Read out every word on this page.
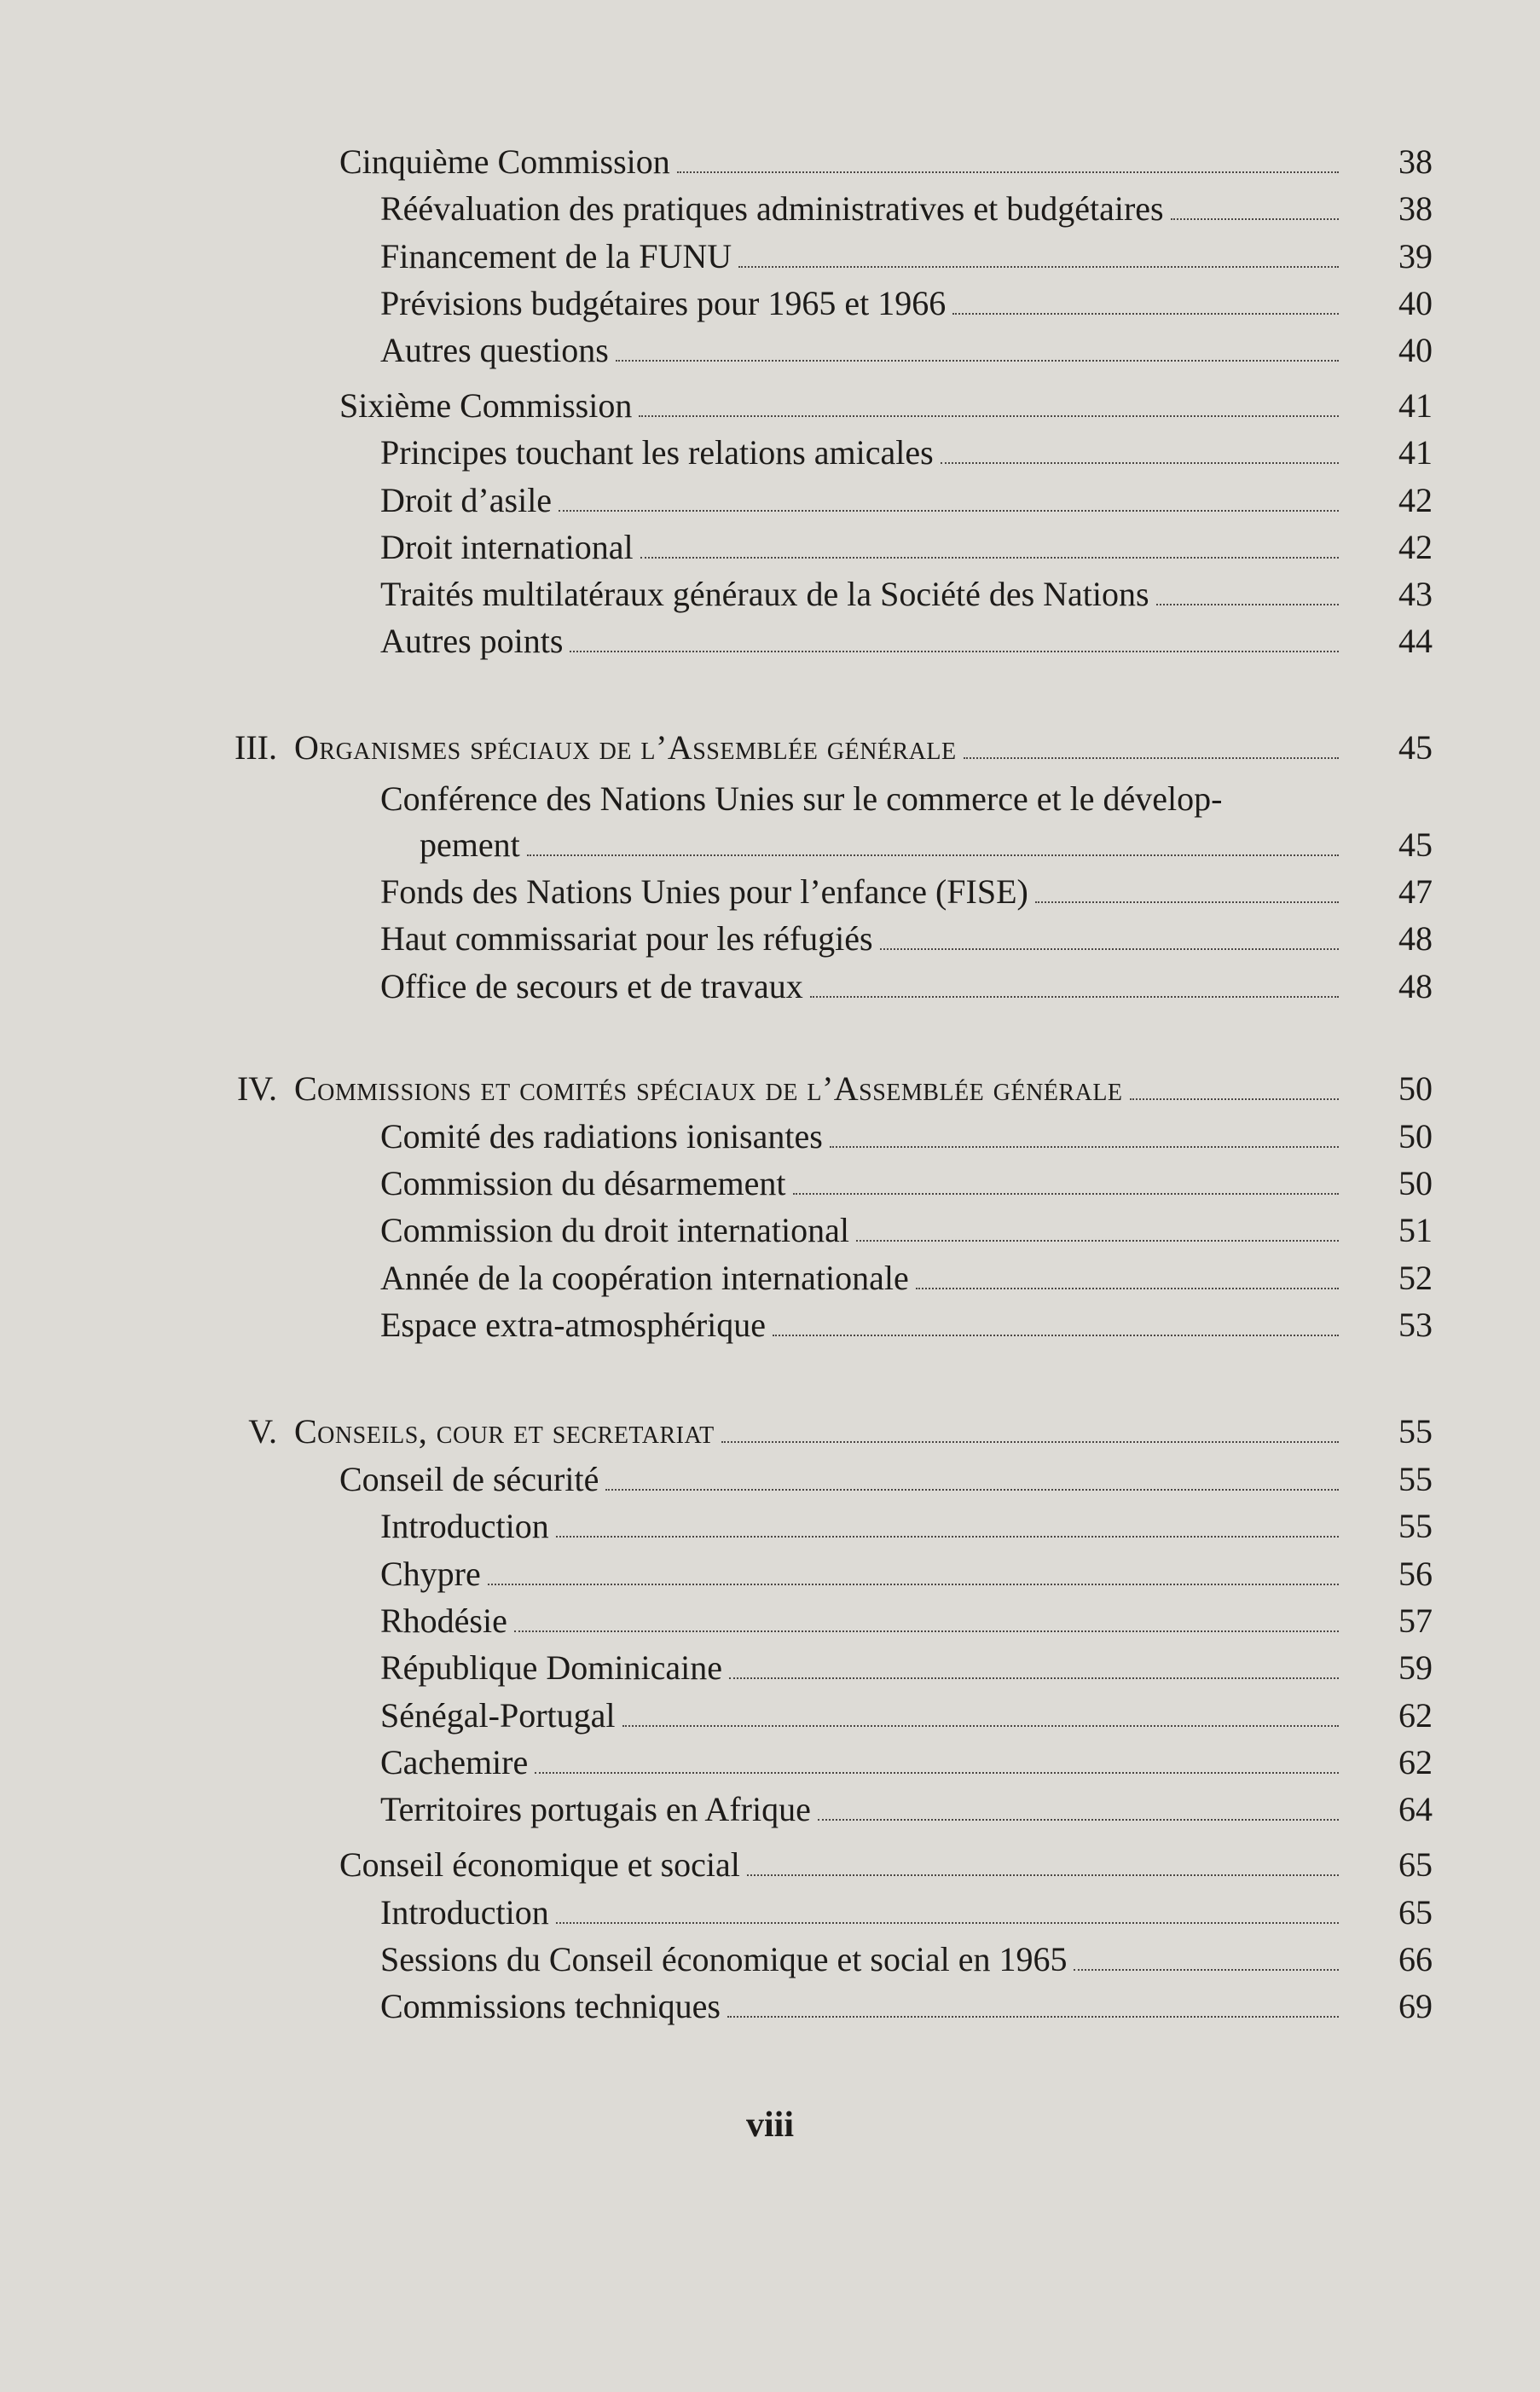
Cinquième Commission	38
Réévaluation des pratiques administratives et budgétaires	38
Financement de la FUNU	39
Prévisions budgétaires pour 1965 et 1966	40
Autres questions	40
Sixième Commission	41
Principes touchant les relations amicales	41
Droit d’asile	42
Droit international	42
Traités multilatéraux généraux de la Société des Nations	43
Autres points	44
III. Organismes spéciaux de l’Assemblée générale	45
Conférence des Nations Unies sur le commerce et le dévelop-
pement	45
Fonds des Nations Unies pour l’enfance (FISE)	47
Haut commissariat pour les réfugiés	48
Office de secours et de travaux	48
IV. Commissions et comités spéciaux de l’Assemblée générale	50
Comité des radiations ionisantes	50
Commission du désarmement	50
Commission du droit international	51
Année de la coopération internationale	52
Espace extra-atmosphérique	53
V. Conseils, cour et secretariat	55
Conseil de sécurité	55
Introduction	55
Chypre	56
Rhodésie	57
République Dominicaine	59
Sénégal-Portugal	62
Cachemire	62
Territoires portugais en Afrique	64
Conseil économique et social	65
Introduction	65
Sessions du Conseil économique et social en 1965	66
Commissions techniques	69
viii
